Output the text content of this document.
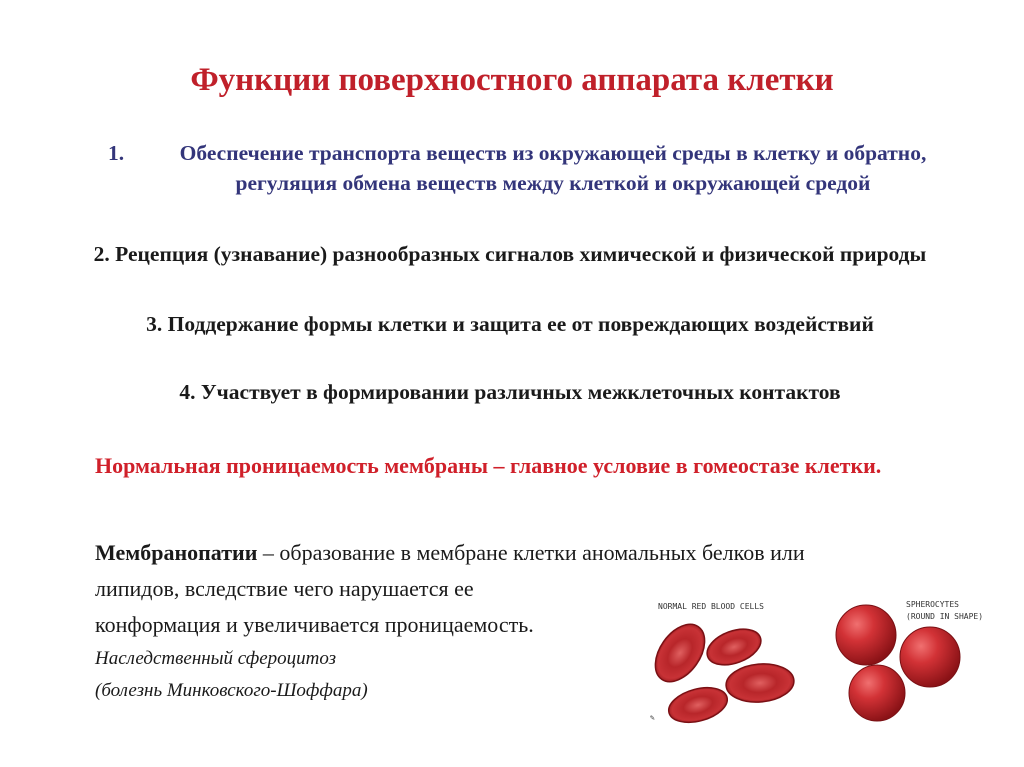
Функции поверхностного аппарата клетки
1.	Обеспечение транспорта веществ из окружающей среды в клетку и обратно, регуляция обмена веществ между клеткой и окружающей средой
2. Рецепция (узнавание) разнообразных сигналов химической и физической природы
3. Поддержание формы клетки и защита ее от повреждающих воздействий
4. Участвует в формировании различных межклеточных контактов
Нормальная проницаемость мембраны – главное условие в гомеостазе клетки.
Мембранопатии – образование в мембране клетки аномальных белков или
липидов, вследствие чего нарушается ее
конформация и увеличивается проницаемость.
Наследственный сфероцитоз
(болезнь Минковского-Шоффара)
NORMAL RED BLOOD CELLS	SPHEROCYTES
(ROUND IN SHAPE)
✎
